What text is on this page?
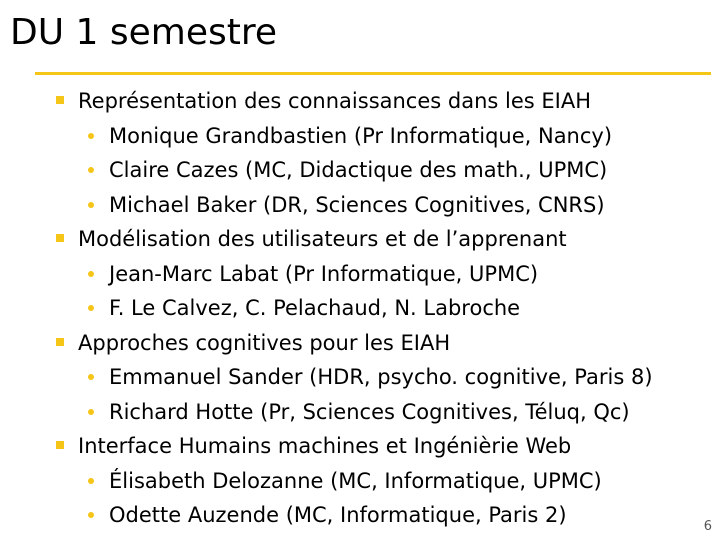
DU 1 semestre
Représentation des connaissances dans les EIAH
Monique Grandbastien (Pr Informatique, Nancy)
Claire Cazes (MC, Didactique des math., UPMC)
Michael Baker (DR, Sciences Cognitives, CNRS)
Modélisation des utilisateurs et de l’apprenant
Jean-Marc Labat (Pr Informatique, UPMC)
F. Le Calvez, C. Pelachaud, N. Labroche
Approches cognitives pour les EIAH
Emmanuel Sander (HDR, psycho. cognitive, Paris 8)
Richard Hotte (Pr, Sciences Cognitives, Téluq, Qc)
Interface Humains machines et Ingénièrie Web
Élisabeth Delozanne (MC, Informatique, UPMC)
Odette Auzende (MC, Informatique, Paris 2)	6
